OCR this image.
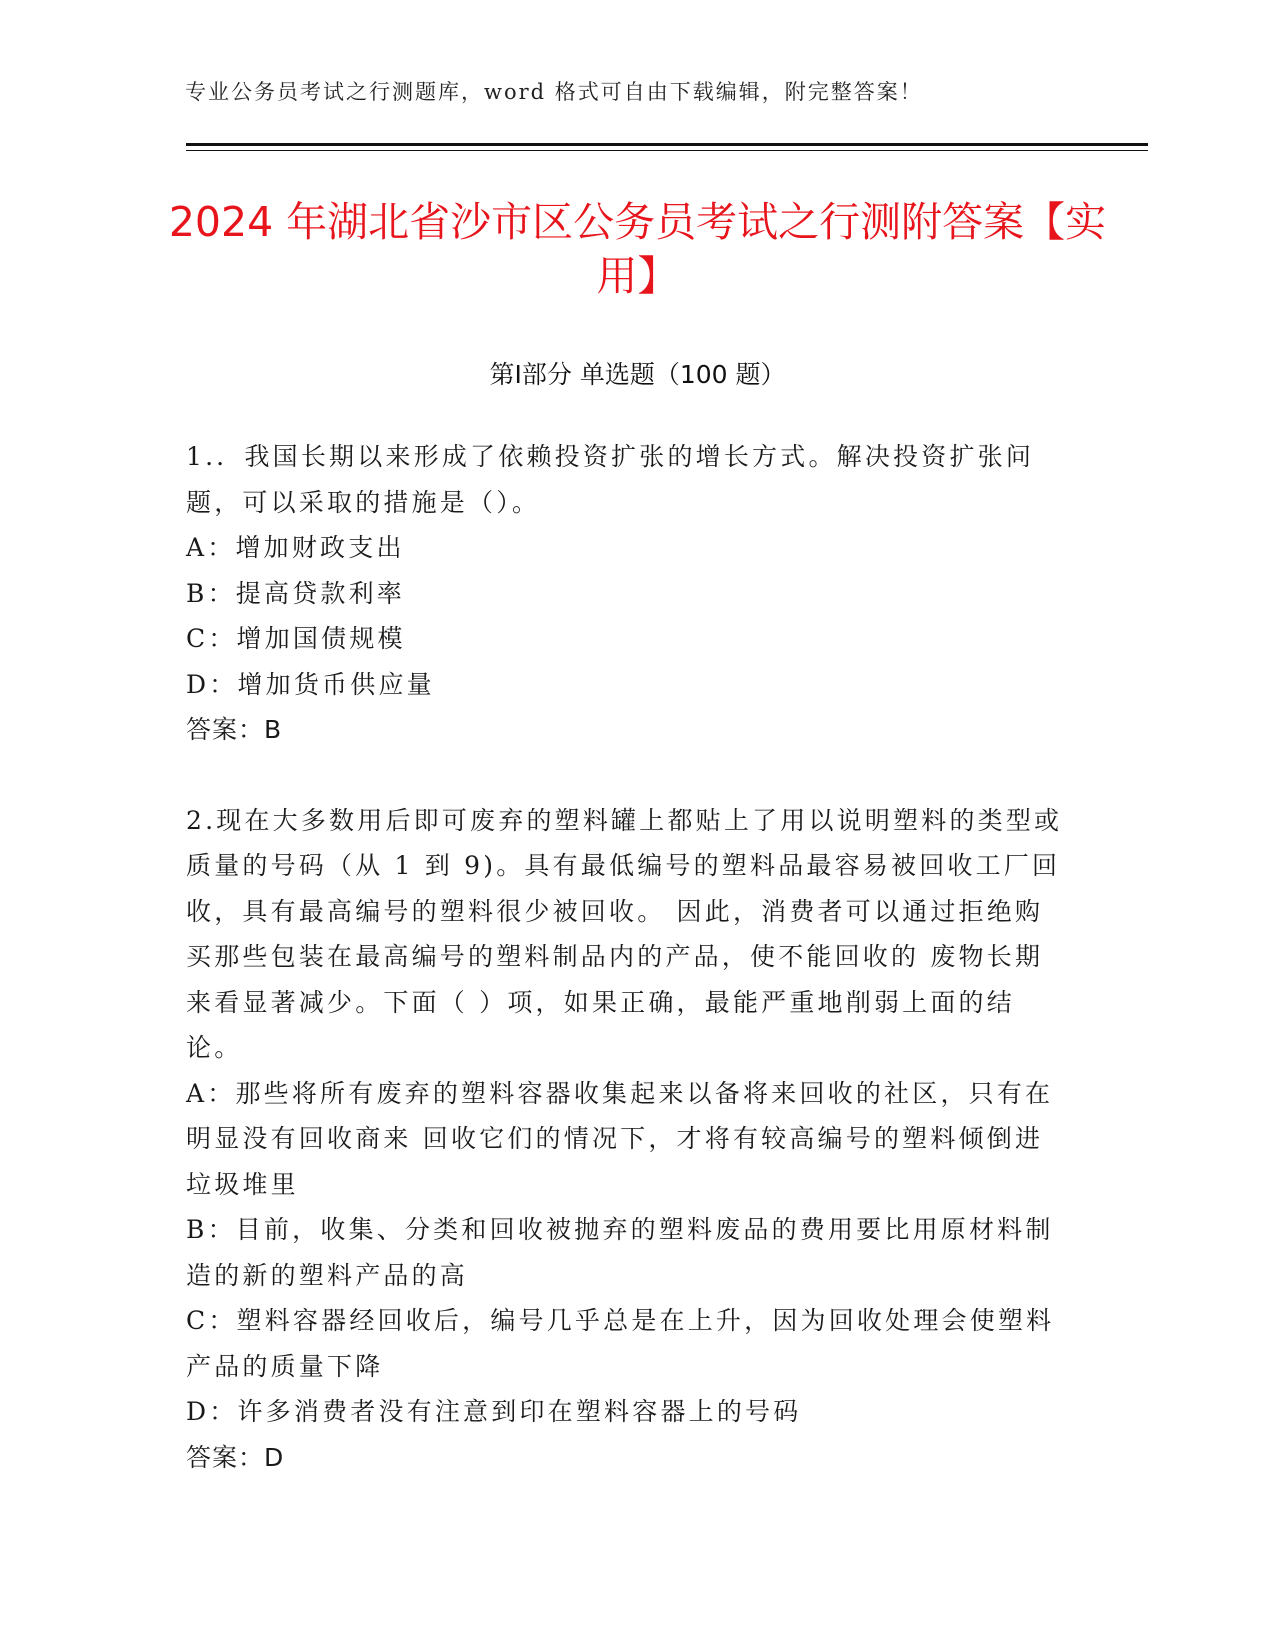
专业公务员考试之行测题库，word 格式可自由下载编辑，附完整答案！
2024 年湖北省沙市区公务员考试之行测附答案【实用】
第Ⅰ部分 单选题（100 题）

1.．我国长期以来形成了依赖投资扩张的增长方式。解决投资扩张问题，可以采取的措施是（）。

A：增加财政支出

B：提高贷款利率

C：增加国债规模

D：增加货币供应量

答案：B

2.现在大多数用后即可废弃的塑料罐上都贴上了用以说明塑料的类型或质量的号码（从 1 到 9)。具有最低编号的塑料品最容易被回收工厂回收，具有最高编号的塑料很少被回收。 因此，消费者可以通过拒绝购买那些包装在最高编号的塑料制品内的产品，使不能回收的 废物长期来看显著减少。下面（ ）项，如果正确，最能严重地削弱上面的结论。

A：那些将所有废弃的塑料容器收集起来以备将来回收的社区，只有在明显没有回收商来 回收它们的情况下，才将有较高编号的塑料倾倒进垃圾堆里

B：目前，收集、分类和回收被抛弃的塑料废品的费用要比用原材料制造的新的塑料产品的高

C：塑料容器经回收后，编号几乎总是在上升，因为回收处理会使塑料产品的质量下降

D：许多消费者没有注意到印在塑料容器上的号码

答案：D
